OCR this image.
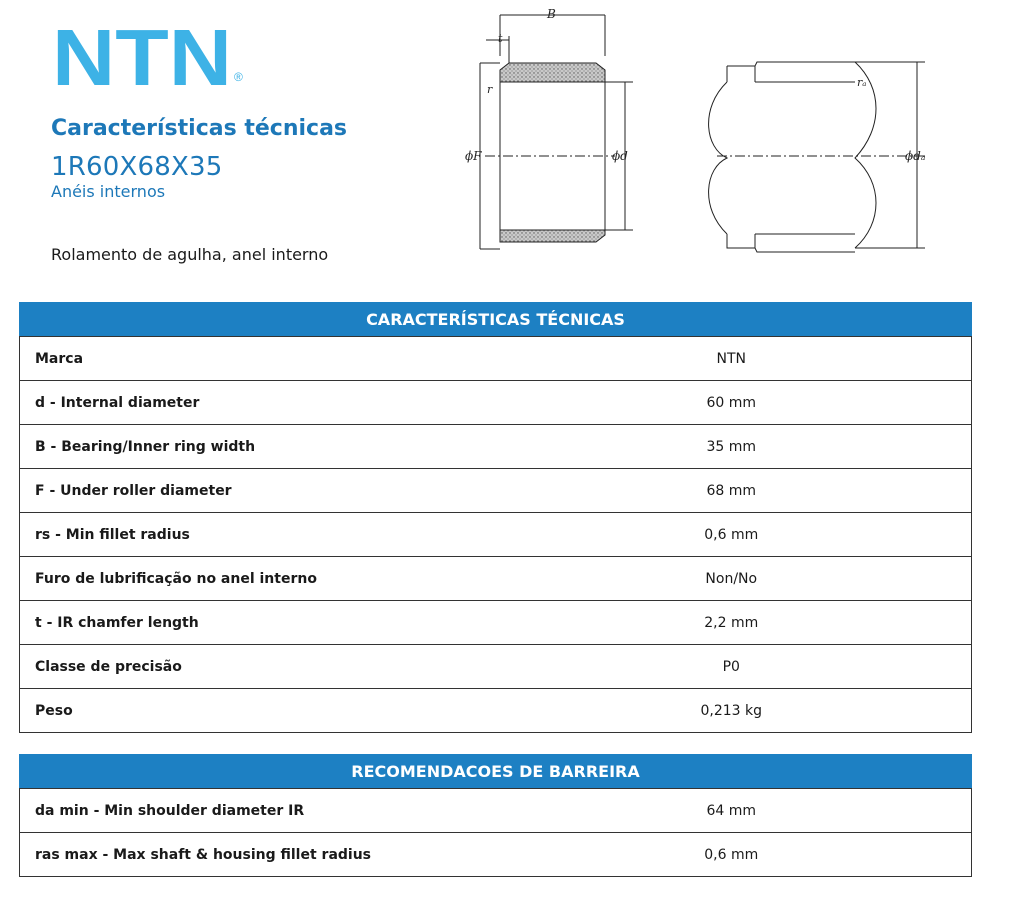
NTN ®
Características técnicas
1R60X68X35
Anéis internos
Rolamento de agulha, anel interno
B
t
r
ϕF	ϕd
rₐ
ϕdₐ
CARACTERÍSTICAS TÉCNICAS
Marca	NTN
d - Internal diameter	60 mm
B - Bearing/Inner ring width	35 mm
F - Under roller diameter	68 mm
rs - Min fillet radius	0,6 mm
Furo de lubrificação no anel interno	Non/No
t - IR chamfer length	2,2 mm
Classe de precisão	P0
Peso	0,213 kg
RECOMENDACOES DE BARREIRA
da min - Min shoulder diameter IR	64 mm
ras max - Max shaft & housing fillet radius	0,6 mm
